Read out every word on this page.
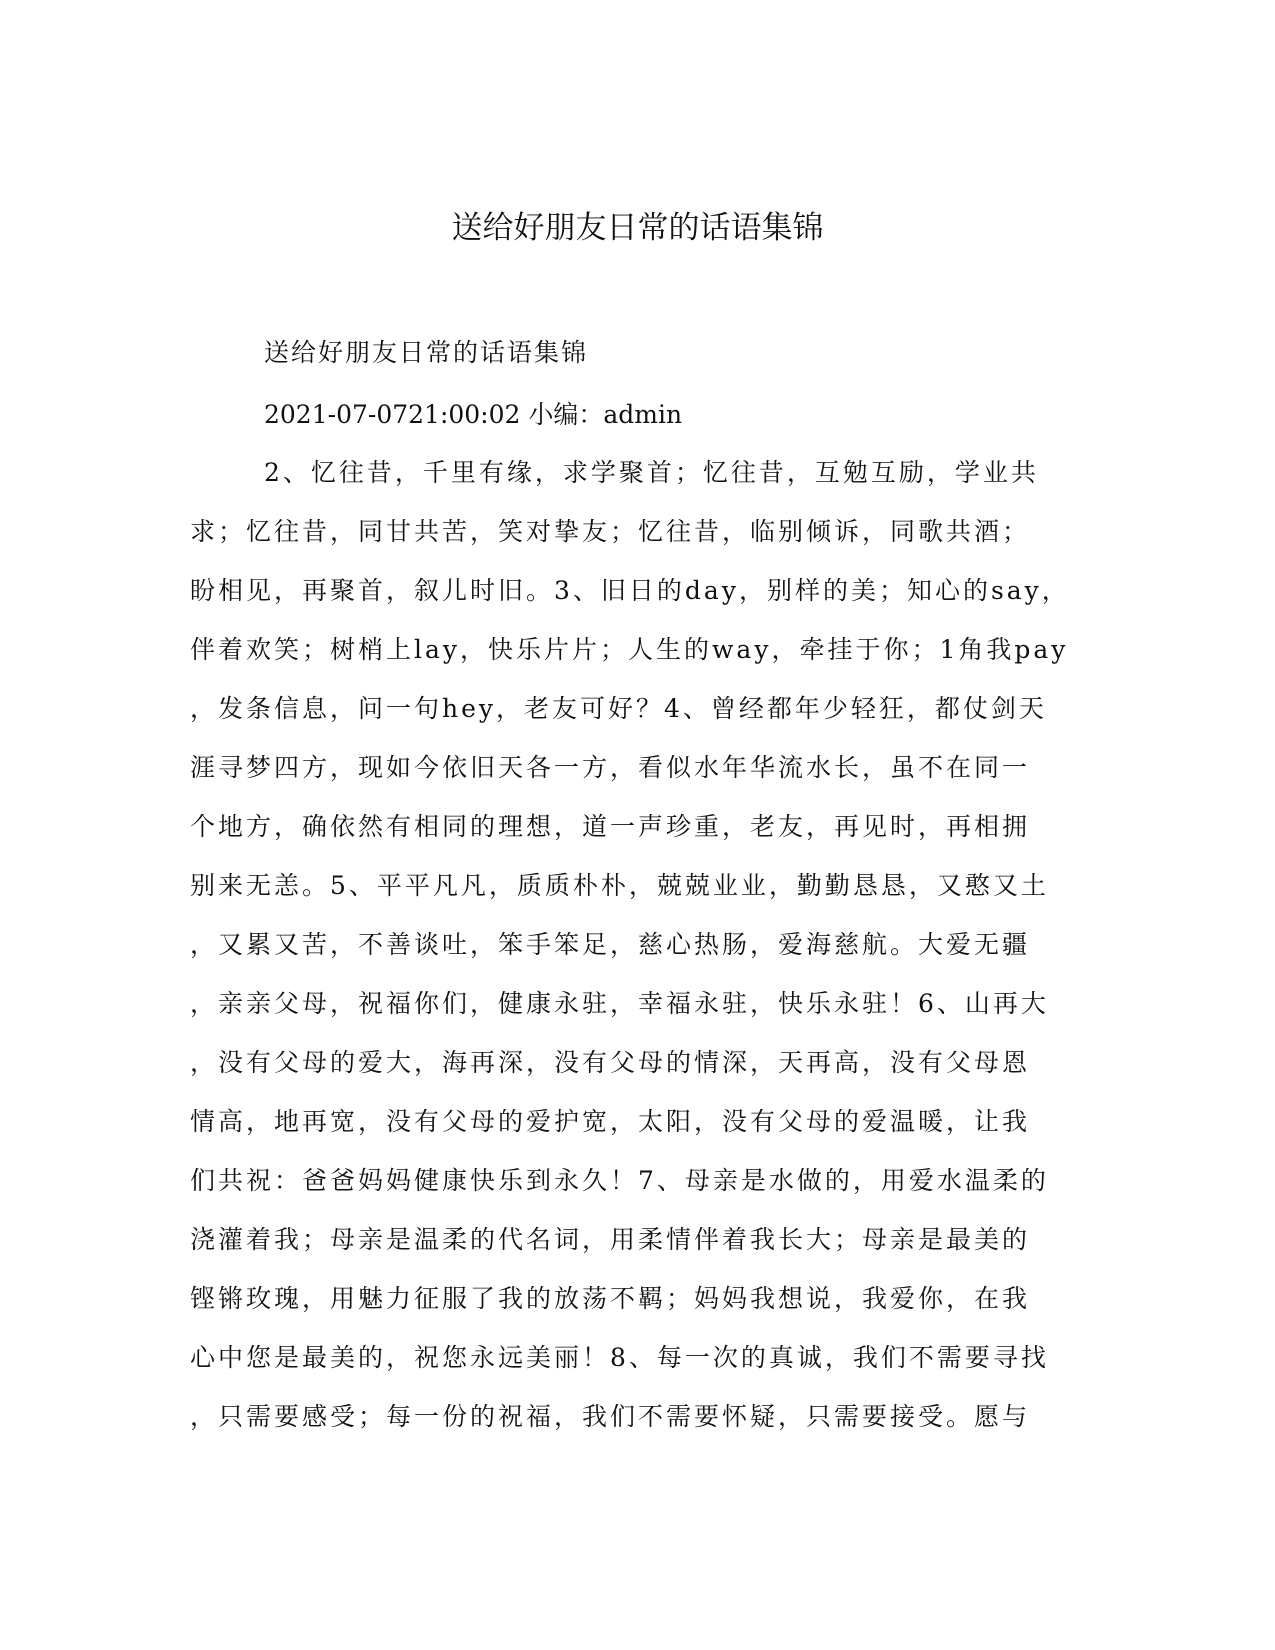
送给好朋友日常的话语集锦
送给好朋友日常的话语集锦
2021-07-0721:00:02 小编：admin
2、忆往昔，千里有缘，求学聚首；忆往昔，互勉互励，学业共
求；忆往昔，同甘共苦，笑对挚友；忆往昔，临别倾诉，同歌共酒；
盼相见，再聚首，叙儿时旧。3、旧日的day，别样的美；知心的say，
伴着欢笑；树梢上lay，快乐片片；人生的way，牵挂于你；1角我pay
，发条信息，问一句hey，老友可好？4、曾经都年少轻狂，都仗剑天
涯寻梦四方，现如今依旧天各一方，看似水年华流水长，虽不在同一
个地方，确依然有相同的理想，道一声珍重，老友，再见时，再相拥
别来无恙。5、平平凡凡，质质朴朴，兢兢业业，勤勤恳恳，又憨又土
，又累又苦，不善谈吐，笨手笨足，慈心热肠，爱海慈航。大爱无疆
，亲亲父母，祝福你们，健康永驻，幸福永驻，快乐永驻！6、山再大
，没有父母的爱大，海再深，没有父母的情深，天再高，没有父母恩
情高，地再宽，没有父母的爱护宽，太阳，没有父母的爱温暖，让我
们共祝：爸爸妈妈健康快乐到永久！7、母亲是水做的，用爱水温柔的
浇灌着我；母亲是温柔的代名词，用柔情伴着我长大；母亲是最美的
铿锵玫瑰，用魅力征服了我的放荡不羁；妈妈我想说，我爱你，在我
心中您是最美的，祝您永远美丽！8、每一次的真诚，我们不需要寻找
，只需要感受；每一份的祝福，我们不需要怀疑，只需要接受。愿与
